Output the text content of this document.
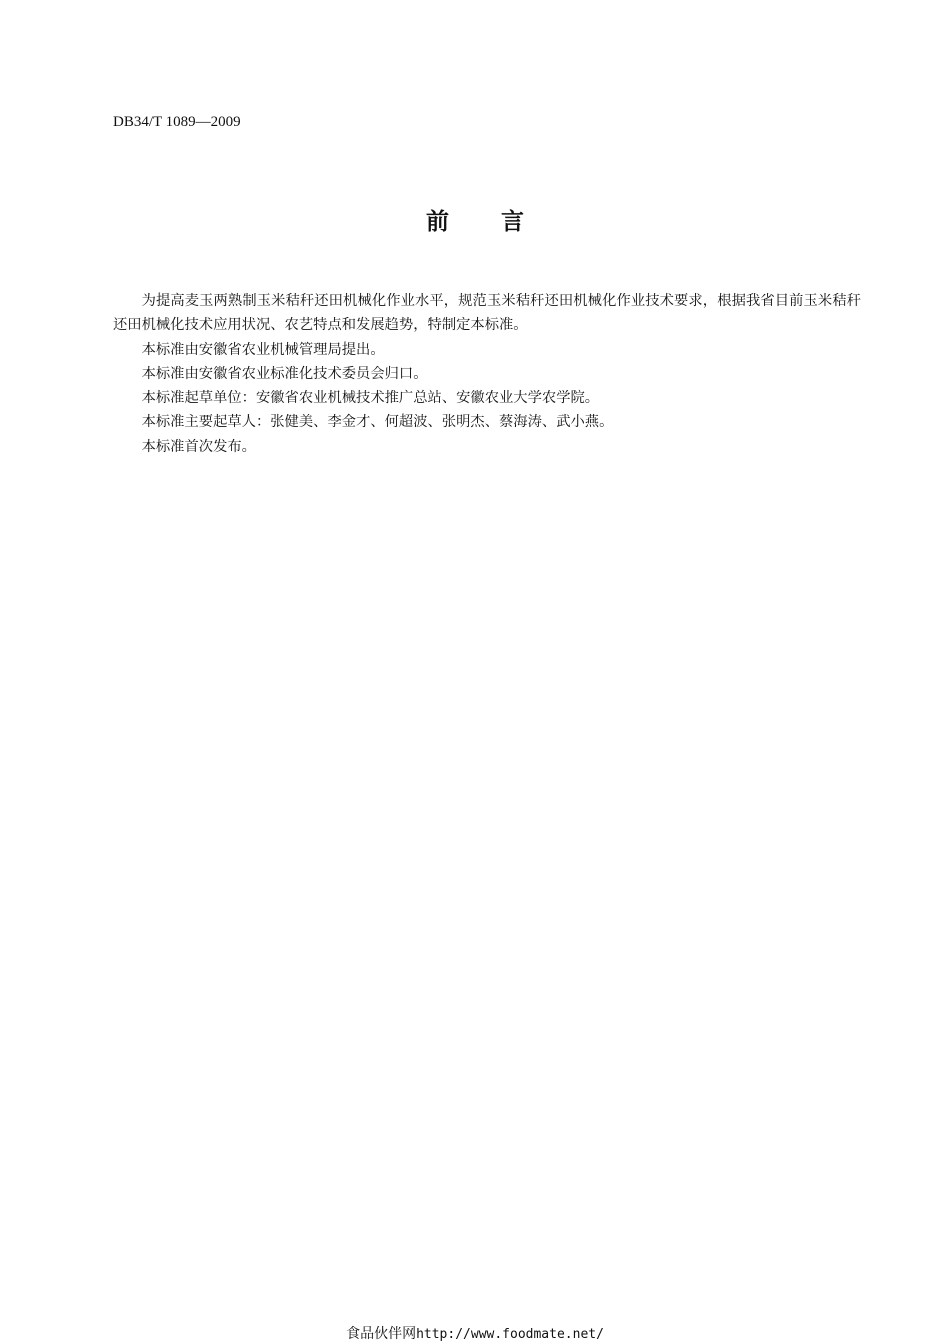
DB34/T 1089—2009
前 言

为提高麦玉两熟制玉米秸秆还田机械化作业水平，规范玉米秸秆还田机械化作业技术要求，根据我省目前玉米秸秆还田机械化技术应用状况、农艺特点和发展趋势，特制定本标准。

本标准由安徽省农业机械管理局提出。

本标准由安徽省农业标准化技术委员会归口。

本标准起草单位：安徽省农业机械技术推广总站、安徽农业大学农学院。

本标准主要起草人：张健美、李金才、何超波、张明杰、蔡海涛、武小燕。

本标准首次发布。

食品伙伴网http://www.foodmate.net/
